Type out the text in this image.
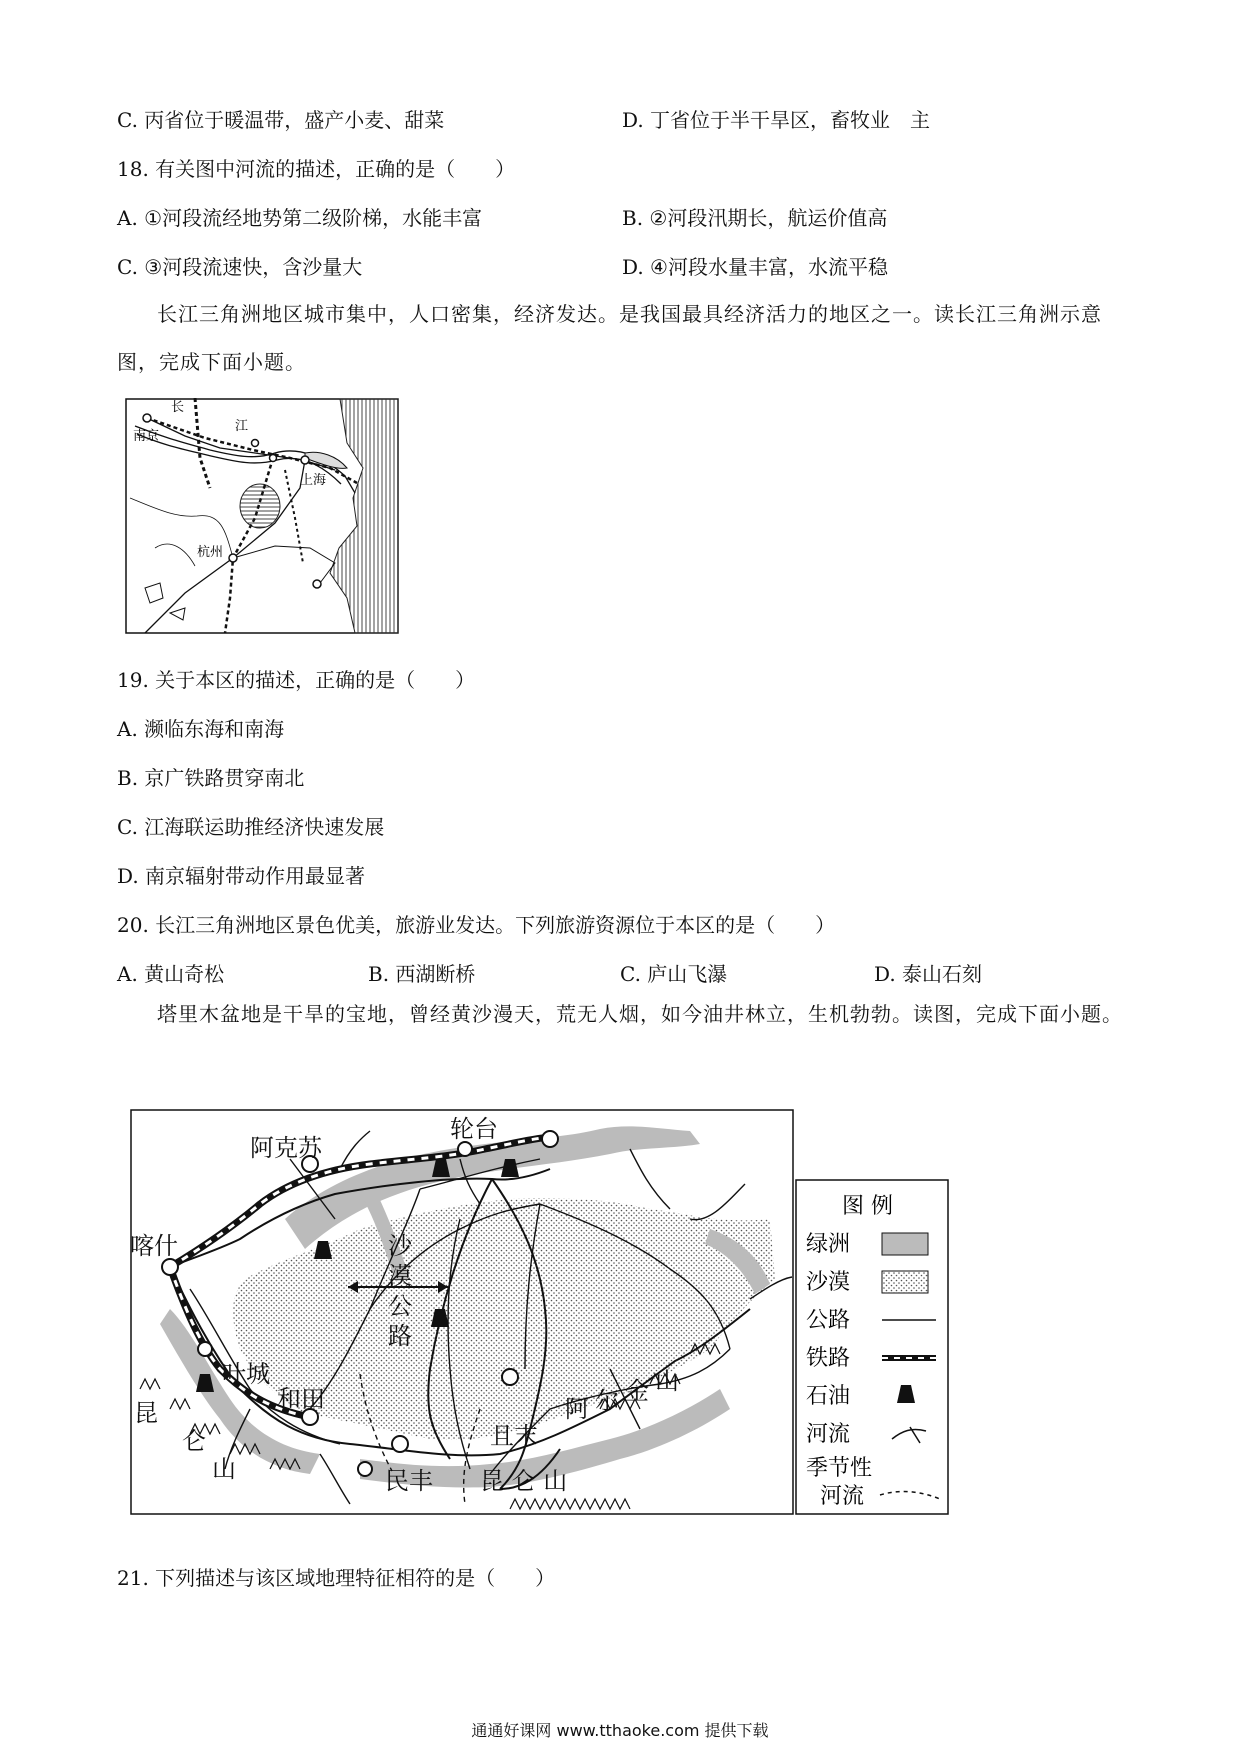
C. 丙省位于暖温带，盛产小麦、甜菜	D. 丁省位于半干旱区，畜牧业　主
18. 有关图中河流的描述，正确的是（　　）
A. ①河段流经地势第二级阶梯，水能丰富	B. ②河段汛期长，航运价值高
C. ③河段流速快，含沙量大	D. ④河段水量丰富，水流平稳
长江三角洲地区城市集中，人口密集，经济发达。是我国最具经济活力的地区之一。读长江三角洲示意图，完成下面小题。
长
江
南京
上海
杭州
19. 关于本区的描述，正确的是（　　）
A. 濒临东海和南海
B. 京广铁路贯穿南北
C. 江海联运助推经济快速发展
D. 南京辐射带动作用最显著
20. 长江三角洲地区景色优美，旅游业发达。下列旅游资源位于本区的是（　　）
A. 黄山奇松	B. 西湖断桥	C. 庐山飞瀑	D. 泰山石刻
塔里木盆地是干旱的宝地，曾经黄沙漫天，荒无人烟，如今油井林立，生机勃勃。读图，完成下面小题。
阿克苏
轮台
喀什
叶城
和田
民丰
且末
沙
漠
公
路
昆
仑
山	昆 仑 山
阿 尔 金 山
图 例
绿洲
沙漠
公路
铁路
石油
河流
季节性
河流
21. 下列描述与该区域地理特征相符的是（　　）
通通好课网 www.tthaoke.com 提供下载
